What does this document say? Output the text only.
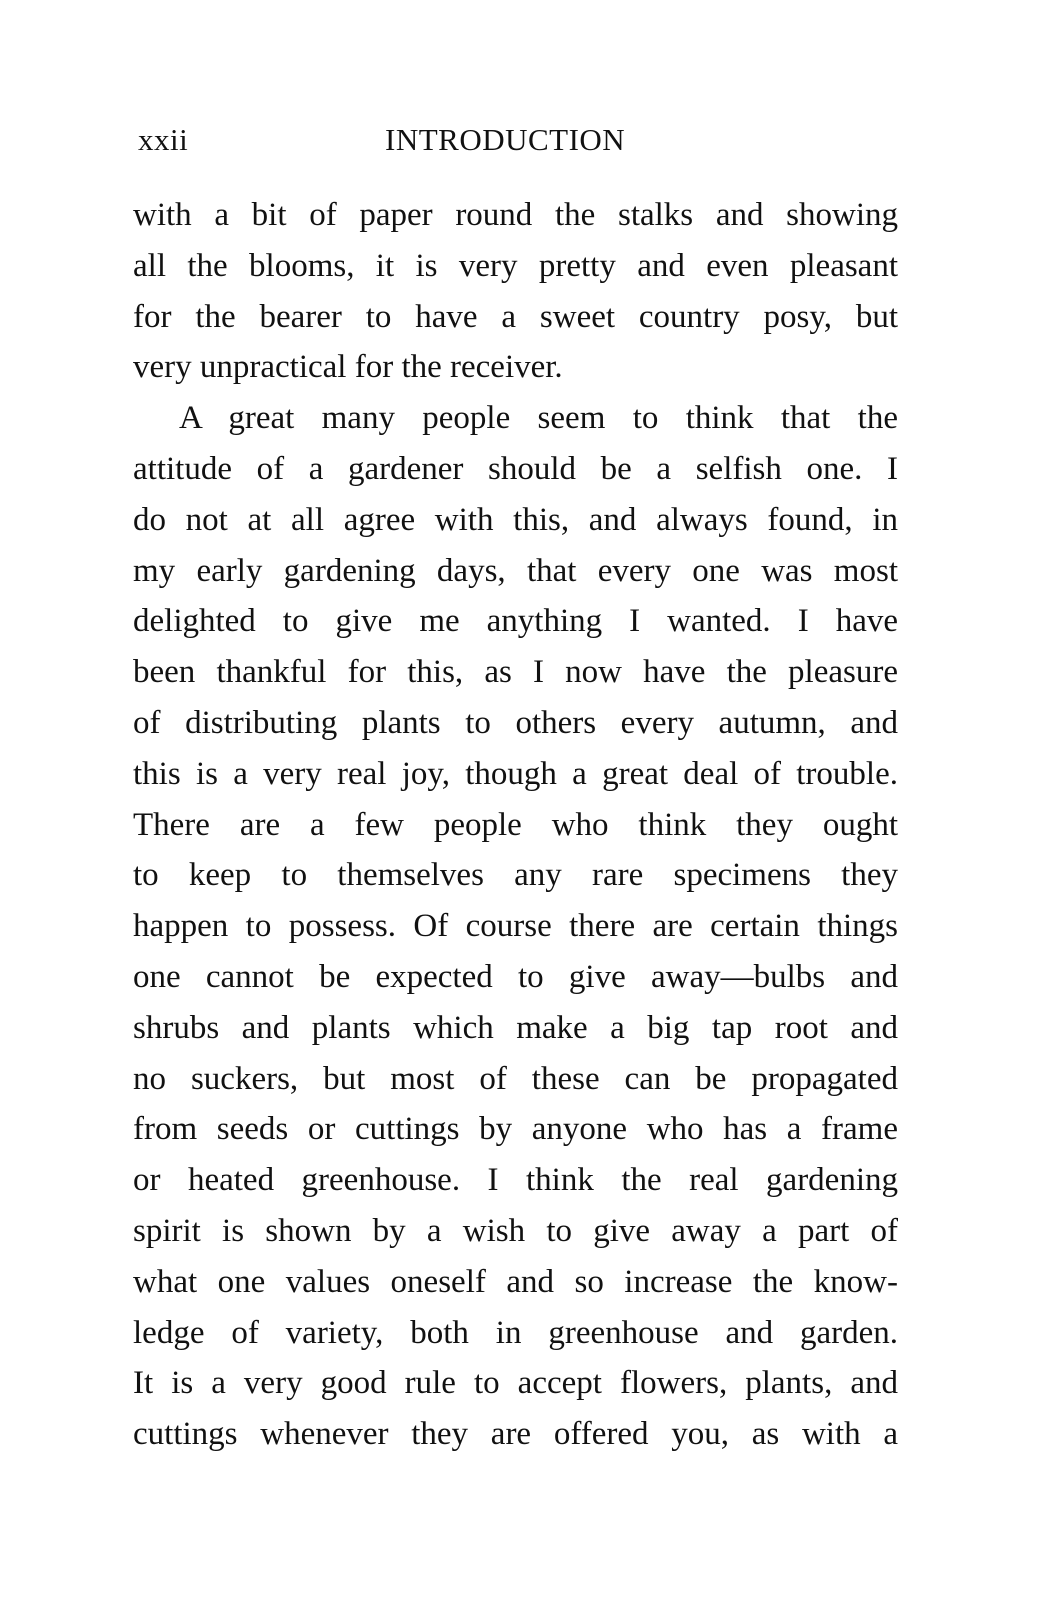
xxii	INTRODUCTION
with a bit of paper round the stalks and showing
all the blooms, it is very pretty and even pleasant
for the bearer to have a sweet country posy, but
very unpractical for the receiver.
A great many people seem to think that the
attitude of a gardener should be a selfish one. I
do not at all agree with this, and always found, in
my early gardening days, that every one was most
delighted to give me anything I wanted. I have
been thankful for this, as I now have the pleasure
of distributing plants to others every autumn, and
this is a very real joy, though a great deal of trouble.
There are a few people who think they ought
to keep to themselves any rare specimens they
happen to possess. Of course there are certain things
one cannot be expected to give away—bulbs and
shrubs and plants which make a big tap root and
no suckers, but most of these can be propagated
from seeds or cuttings by anyone who has a frame
or heated greenhouse. I think the real gardening
spirit is shown by a wish to give away a part of
what one values oneself and so increase the know-
ledge of variety, both in greenhouse and garden.
It is a very good rule to accept flowers, plants, and
cuttings whenever they are offered you, as with a
